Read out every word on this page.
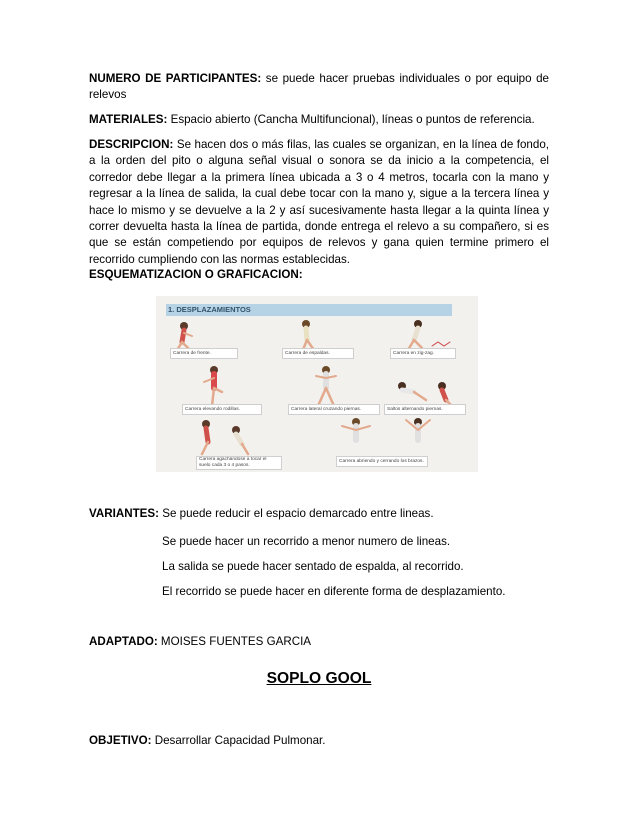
NUMERO DE PARTICIPANTES: se puede hacer pruebas individuales o por equipo de relevos

MATERIALES: Espacio abierto (Cancha Multifuncional), líneas o puntos de referencia.

DESCRIPCION: Se hacen dos o más filas, las cuales se organizan, en la línea de fondo, a la orden del pito o alguna señal visual o sonora se da inicio a la competencia, el corredor debe llegar a la primera línea ubicada a 3 o 4 metros, tocarla con la mano y regresar a la línea de salida, la cual debe tocar con la mano y, sigue a la tercera línea y hace lo mismo y se devuelve a la 2 y así sucesivamente hasta llegar a la quinta línea y correr devuelta hasta la línea de partida, donde entrega el relevo a su compañero, si es que se están competiendo por equipos de relevos y gana quien termine primero el recorrido cumpliendo con las normas establecidas.

ESQUEMATIZACION O GRAFICACION:
1. DESPLAZAMIENTOS
Carrera de frente.	Carrera de espaldas.	Carrera en zig-zag.
Carrera elevando rodillas.	Carrera lateral cruzando piernas.	Saltos alternando piernas.
Carrera agachándose a tocar el suelo cada 3 o 4 pasos.
Carrera abriendo y cerrando los brazos.
VARIANTES: Se puede reducir el espacio demarcado entre lineas.
Se puede hacer un recorrido a menor numero de lineas.
La salida se puede hacer sentado de espalda, al recorrido.
El recorrido se puede hacer en diferente forma de desplazamiento.
ADAPTADO: MOISES FUENTES GARCIA
SOPLO GOOL
OBJETIVO: Desarrollar Capacidad Pulmonar.
